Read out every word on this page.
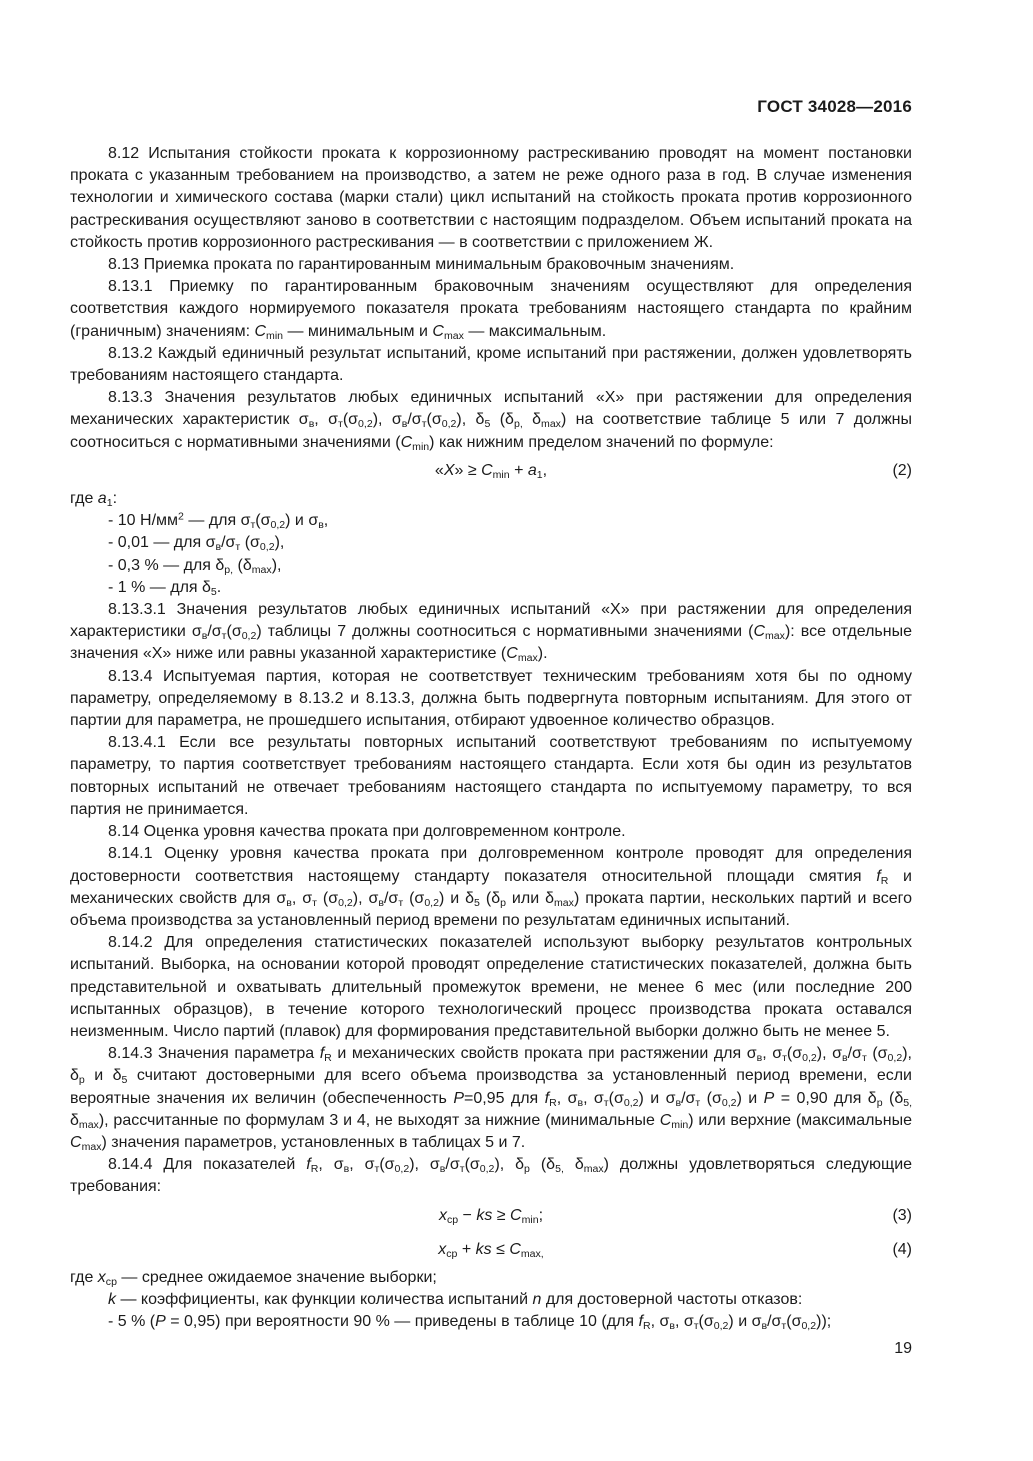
ГОСТ 34028—2016

8.12 Испытания стойкости проката к коррозионному растрескиванию проводят на момент постановки проката с указанным требованием на производство, а затем не реже одного раза в год. В случае изменения технологии и химического состава (марки стали) цикл испытаний на стойкость проката против коррозионного растрескивания осуществляют заново в соответствии с настоящим подразделом. Объем испытаний проката на стойкость против коррозионного растрескивания — в соответствии с приложением Ж.

8.13 Приемка проката по гарантированным минимальным браковочным значениям.

8.13.1 Приемку по гарантированным браковочным значениям осуществляют для определения соответствия каждого нормируемого показателя проката требованиям настоящего стандарта по крайним (граничным) значениям: $C_{min}$ — минимальным и $C_{max}$ — максимальным.

8.13.2 Каждый единичный результат испытаний, кроме испытаний при растяжении, должен удовлетворять требованиям настоящего стандарта.

8.13.3 Значения результатов любых единичных испытаний «X» при растяжении для определения механических характеристик $\sigma_в$, $\sigma_т(\sigma_{0,2})$, $\sigma_в/\sigma_т(\sigma_{0,2})$, $\delta_5$ ($\delta_{р,}$ $\delta_{max}$) на соответствие таблице 5 или 7 должны соотноситься с нормативными значениями $(C_{min})$ как нижним пределом значений по формуле:

«X» ≥ $C_{min} + a_1$,	(2)

где $a_1$:

- 10 $Н/мм^2$ — для $\sigma_т(\sigma_{0,2})$ и $\sigma_в$,

- 0,01 — для $\sigma_в/\sigma_т$ $(\sigma_{0,2})$,

- 0,3 % — для $\delta_{р,}$ $(\delta_{max})$,

- 1 % — для $\delta_5$.

8.13.3.1 Значения результатов любых единичных испытаний «X» при растяжении для определения характеристики $\sigma_в/\sigma_т(\sigma_{0,2})$ таблицы 7 должны соотноситься с нормативными значениями $(C_{max})$: все отдельные значения «X» ниже или равны указанной характеристике $(C_{max})$.

8.13.4 Испытуемая партия, которая не соответствует техническим требованиям хотя бы по одному параметру, определяемому в 8.13.2 и 8.13.3, должна быть подвергнута повторным испытаниям. Для этого от партии для параметра, не прошедшего испытания, отбирают удвоенное количество образцов.

8.13.4.1 Если все результаты повторных испытаний соответствуют требованиям по испытуемому параметру, то партия соответствует требованиям настоящего стандарта. Если хотя бы один из результатов повторных испытаний не отвечает требованиям настоящего стандарта по испытуемому параметру, то вся партия не принимается.

8.14 Оценка уровня качества проката при долговременном контроле.

8.14.1 Оценку уровня качества проката при долговременном контроле проводят для определения достоверности соответствия настоящему стандарту показателя относительной площади смятия $f_R$ и механических свойств для $\sigma_в$, $\sigma_т$ $(\sigma_{0,2})$, $\sigma_в/\sigma_т$ $(\sigma_{0,2})$ и $\delta_5$ ($\delta_р$ или $\delta_{max}$) проката партии, нескольких партий и всего объема производства за установленный период времени по результатам единичных испытаний.

8.14.2 Для определения статистических показателей используют выборку результатов контрольных испытаний. Выборка, на основании которой проводят определение статистических показателей, должна быть представительной и охватывать длительный промежуток времени, не менее 6 мес (или последние 200 испытанных образцов), в течение которого технологический процесс производства проката оставался неизменным. Число партий (плавок) для формирования представительной выборки должно быть не менее 5.

8.14.3 Значения параметра $f_R$ и механических свойств проката при растяжении для $\sigma_в$, $\sigma_т(\sigma_{0,2})$, $\sigma_в/\sigma_т$ $(\sigma_{0,2})$, $\delta_р$ и $\delta_5$ считают достоверными для всего объема производства за установленный период времени, если вероятные значения их величин (обеспеченность P=0,95 для $f_R$, $\sigma_в$, $\sigma_т(\sigma_{0,2})$ и $\sigma_в/\sigma_т$ $(\sigma_{0,2})$ и P = 0,90 для $\delta_р$ ($\delta_{5,}$ $\delta_{max}$), рассчитанные по формулам 3 и 4, не выходят за нижние (минимальные $C_{min}$) или верхние (максимальные $C_{max}$) значения параметров, установленных в таблицах 5 и 7.

8.14.4 Для показателей $f_R$, $\sigma_в$, $\sigma_т(\sigma_{0,2})$, $\sigma_в/\sigma_т(\sigma_{0,2})$, $\delta_р$ ($\delta_{5,}$ $\delta_{max}$) должны удовлетворяться следующие требования:

$x_{ср}$ − ks ≥ $C_{min}$;	(3)
$x_{ср}$ + ks ≤ $C_{max,}$	(4)

где $x_{ср}$ — среднее ожидаемое значение выборки;

k — коэффициенты, как функции количества испытаний n для достоверной частоты отказов:

- 5 % (P = 0,95) при вероятности 90 % — приведены в таблице 10 (для $f_R$, $\sigma_в$, $\sigma_т(\sigma_{0,2})$ и $\sigma_в/\sigma_т(\sigma_{0,2})$);

19
